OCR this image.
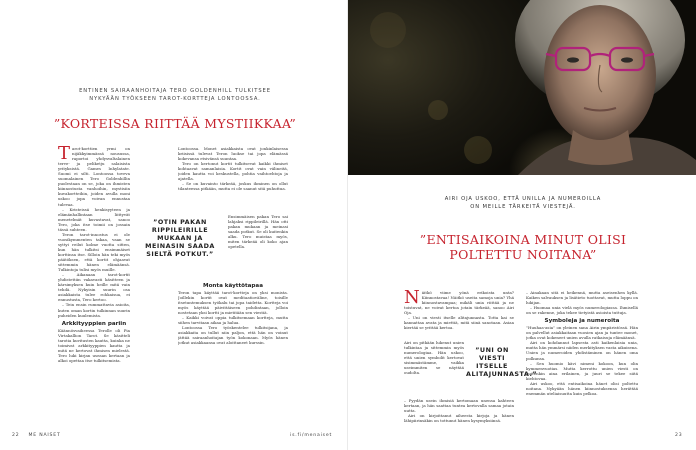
ENTINEN SAIRAANHOITAJA TERO GOLDENHILL TULKITSEE
NYKYÄÄN TYÖKSEEN TAROT-KORTTEJA LONTOOSSA.
”KORTEISSA RIITTÄÄ MYSTIIKKAA”

Tarot-korttien yrmi on nijäkkyimmässä nousussa, raportoi yhdysvaltalainen terve- ja peliketju salaisista yrityksistä. Games Inhylatate. Suomi ei silti. Lontoossa toveva suomalainen Tero Goldenhillin puolestaan on se, joka on ihmisten kiinnostusta vanhoihin, mystisiin kuvakortteihin, joiden avulla moni uskoo jopa voivan ennustaa tulevaa.

– Kristeissä henkisyyteen ja elämänhallintaan liittyvät menetelmät kuvastavat, sanoo Tero, joka itse toimii on jossain tässä suhteen.

Teron tarot-innostus ei ole vuosikymmenten takaa, vaan se syttyi reilut kolme vuotta sitten, kun hän tulkitsi ensimmäiset korttinsa itse. Silloin hän teki myös päätöksen, että kortit ohjaavat sittemmin hänen elämäänsä. Tulkintoja tulisi myös muille.

– Aikanaan tarot-kortit yhdistettiin vakavasti käsitteen ja kärsimyksen kuin heille mitä vain tehdä. Nykyisin suurin osa asiakkaista tulee rohkaisua, ei ennustusta, Tero kertoo.

– Tein ensin rummattavia asioita, kuten oman kortin tulkinnan suurin puheiden kuulemista.

Arkkityyppien pariin

Käännösvaiheessa Terolle oli Pia Virtakallion Tarot. Se käsitteli tarotia kuvitusten kautta, kuinka ne toimivat arkkityyppien kautta ja mitä ne kertovat ihmisen mielestä. Tero luki kirjan useaan kertaan ja alkoi opettaa itse tulkitsemista.

Lontoossa. Monet asiakkaista ovat jonkinlaisessa kriisissä tulevat Teron luokse tai jopa elämässä kokevansa etsivänsä suuntaa.

Tero on kertonut kortit tulkitsevat kaikki ihmiset kohtaavat samanlaisia. Kortit ovat vain välineitä, joiden kautta voi keskustella, pohtia vaihtoehtoja ja ajatella.

– Se on kuvainto tärkeää, joskus ihminen on ollut tilanteessa pitkään, mutta ei ole saanut sitä puhuttua.

”OTIN PAKAN RIPPILEIRILLE MUKAAN JA MEINASIN SAADA SIELTÄ POTKUT.”

Ensimmäisen pakan Tero sai lahjaksi rippileirillä. Hän otti pakan mukaan ja meinasi saada potkut. Se oli kuitenkin alku. Tero muistaa myös, miten tärkeää oli koko ajan opetella.

Monta käyttötapaa

Teron tapa käyttää tarot-kortteja on yksi monista. Joillekin kortit ovat meditaatioväline, toisille itsetuntemuksen työkalu tai jopa taidetta. Kortteja voi myös käyttää päivittäiseen pohdintaan, jolloin nostetaan yksi kortti ja mietitään sen viestiä.

– Kaikki voivat oppia tulkitsemaan kortteja, mutta siihen tarvitaan aikaa ja halua.

Lontoossa Tero työskentelee tulkitsijana, ja asiakkaita on tullut niin paljon, että hän on voinut jättää sairaanhoitajan työn kokonaan. Myös hänen jotkut asiakkaansa ovat aloittaneet kurssin.

22 ME NAISET	is.fi/menaiset
AIRI OJA USKOO, ETTÄ UNILLA JA NUMEROILLA
ON MEILLE TÄRKEITÄ VIESTEJÄ.
”ENTISAIKOINA MINUT OLISI
POLTETTU NOITANA”

Näitkö viime yönä erikoista unta? Kiinnostavaa! Näitkö useita samoja unia? Yhä kiinnostavampaa; mikäli unia riittää ja ne toistuvat, ne voivat kertoa jotain tärkeää, sanoo Airi Oja.

– Uni on viesti itselle alitajunnasta. Totta kai se kannattaa avata ja miettiä, mitä siinä sanotaan. Asiaa kiertää se yrittää kertoa.

Airi on pitkään lukenut unien tulkintaa ja sittemmin myös numerologiaa. Hän uskoo, että unien symbolit kertovat sisimmästämme, vaikka useimmiten se näyttää oudolta.

”UNI ON VIESTI ITSELLE ALITAJUNNASTA.”

– Pyydän usein ihmisiä kertomaan unensa kahteen kertaan, ja hän saattaa tuntea kertovalla samaa jotain uutta.

Airi on kirjoittanut aiheesta kirjoja ja hänen lähipiirinsäkin on tottunut hänen kysymyksiinsä.

– Ainakaan sitä ei heikennä, mutta aseisenhen kyllä. Kaiken salvauksen ja lisätieto tuottavat, mutta loppu on lukijan.

– Huomaa unia vielä myös numerologiassa. Ihmisellä on se rakenne, joka tekee tietyistä asioista tuttuja.

Symboleja ja numeroita

”Huuhaa-asia” on yleinen sana Airin ympäristössä. Hän on palvellut asiakkaitaan vuosien ajan ja tuntee monet, jotka ovat kokeneet unien avulla ratkaisuja elämäänsä.

Airi on kohdannut lapsesta asti kaikenlaisia unia, mutta hän ymmärsi niiden merkityksen vasta aikuisena. Unien ja numeroiden yhdistäminen on hänen oma polkunsa.

– Sen huomio kävi nimeni kokoon, kun olin kymmenvuotias. Mutta kerrottu unien viesti on kuitenkin aina erilainen, ja juuri se tekee siitä kiehtovaa.

Airi uskoo, että entisaikoina hänet olisi poltettu noitana. Nykyään hänen kiinnostuksensa herättää enemmän uteliaisuutta kuin pelkoa.

23
